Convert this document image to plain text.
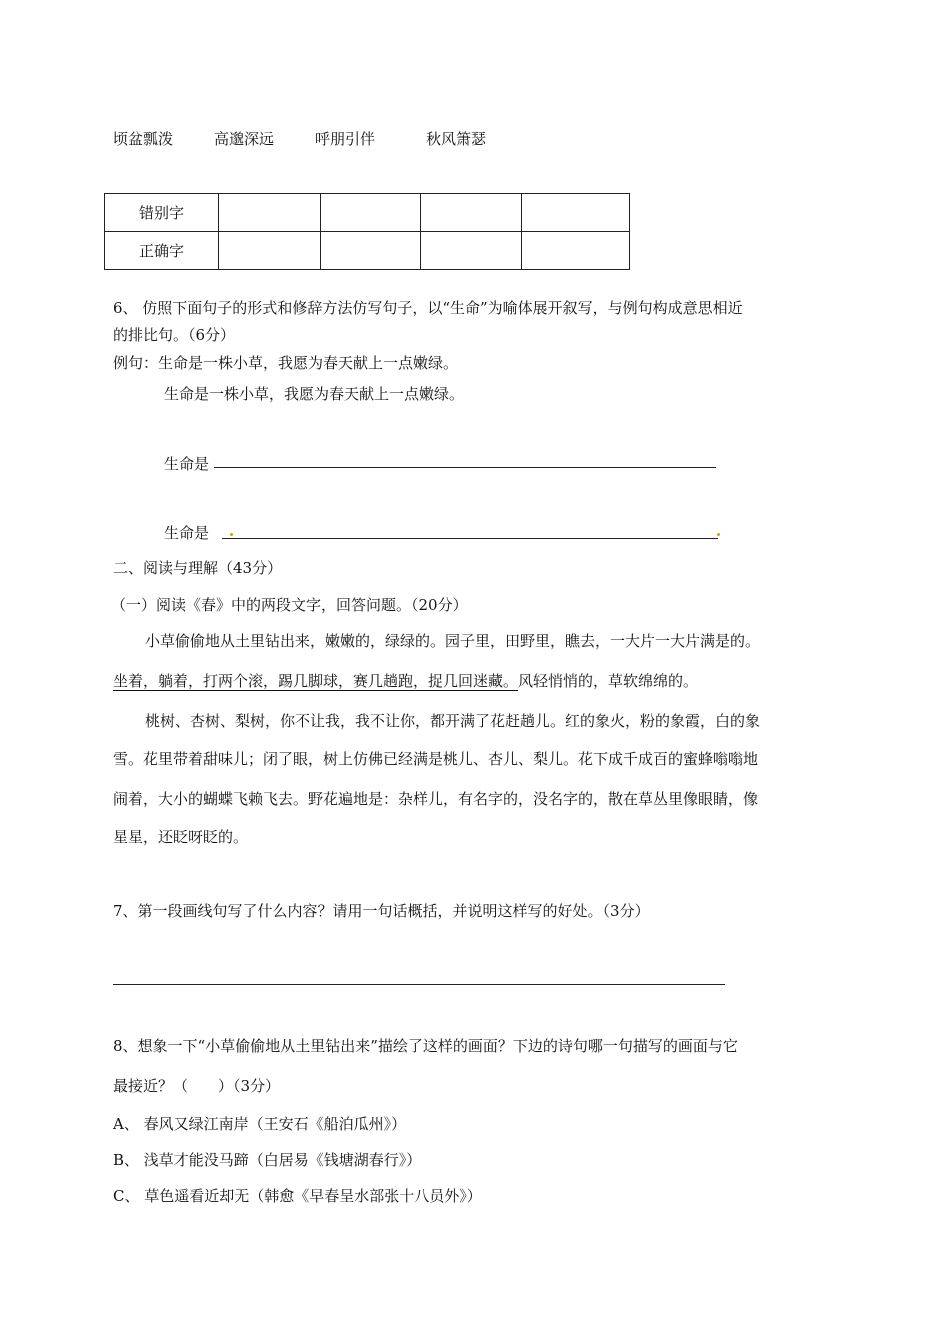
顷盆瓢泼	高邈深远	呼朋引伴	秋风箫瑟
错别字				
正确字				
6、 仿照下面句子的形式和修辞方法仿写句子，以“生命”为喻体展开叙写，与例句构成意思相近
的排比句。（6分）
例句：生命是一株小草，我愿为春天献上一点嫩绿。
生命是一株小草，我愿为春天献上一点嫩绿。
生命是
生命是
二、阅读与理解（43分）
（一）阅读《春》中的两段文字，回答问题。（20分）
小草偷偷地从土里钻出来，嫩嫩的，绿绿的。园子里，田野里，瞧去，一大片一大片满是的。
坐着，躺着，打两个滚，踢几脚球，赛几趟跑，捉几回迷藏。风轻悄悄的，草软绵绵的。
桃树、杏树、梨树，你不让我，我不让你，都开满了花赶趟儿。红的象火，粉的象霞，白的象
雪。花里带着甜味儿；闭了眼，树上仿佛已经满是桃儿、杏儿、梨儿。花下成千成百的蜜蜂嗡嗡地
闹着，大小的蝴蝶飞赖飞去。野花遍地是：杂样儿，有名字的，没名字的，散在草丛里像眼睛，像
星星，还眨呀眨的。
7、第一段画线句写了什么内容？请用一句话概括，并说明这样写的好处。（3分）
8、想象一下“小草偷偷地从土里钻出来”描绘了这样的画面？下边的诗句哪一句描写的画面与它
最接近？（　　）（3分）
A、 春风又绿江南岸（王安石《船泊瓜州》）
B、 浅草才能没马蹄（白居易《钱塘湖春行》）
C、 草色遥看近却无（韩愈《早春呈水部张十八员外》）
